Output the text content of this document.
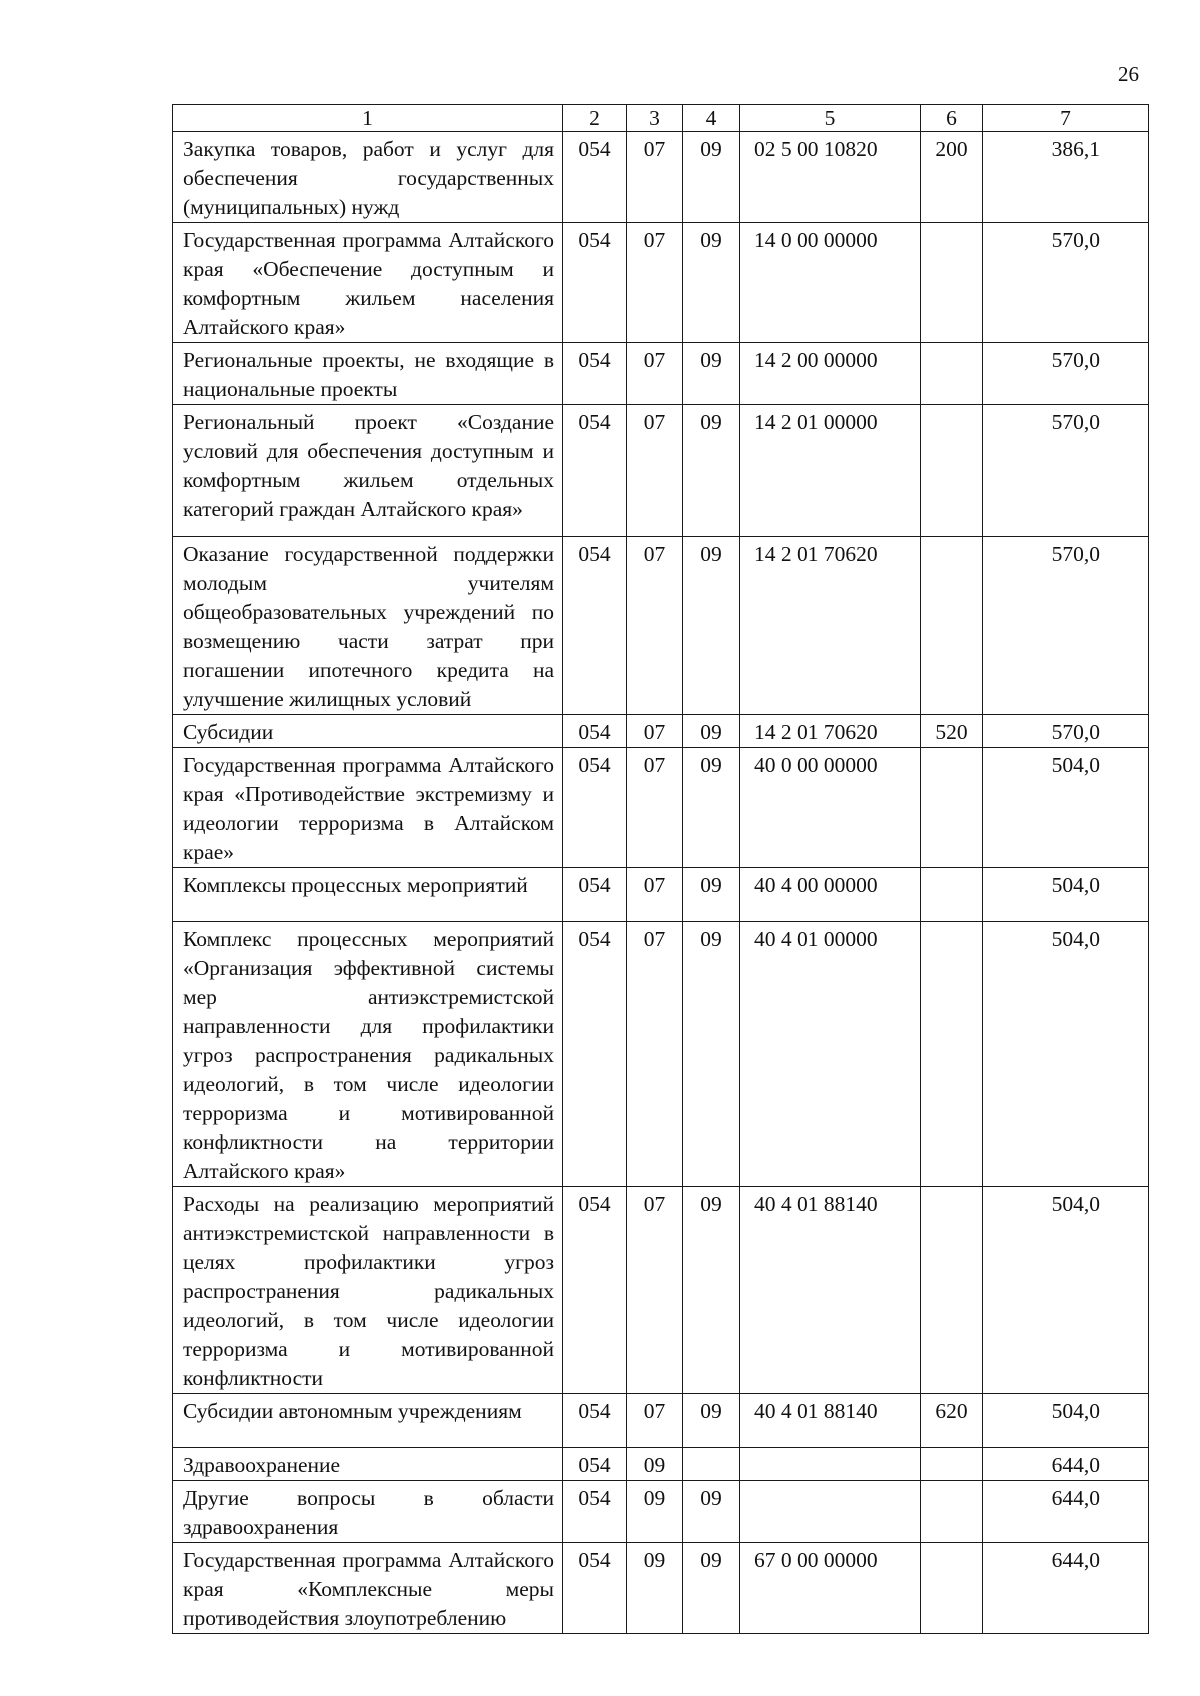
26
1	2	3	4	5	6	7
Закупка товаров, работ и услуг для обеспечения государственных (муниципальных) нужд	054	07	09	02 5 00 10820	200	386,1
Государственная программа Алтайского края «Обеспечение доступным и комфортным жильем населения Алтайского края»	054	07	09	14 0 00 00000		570,0
Региональные проекты, не входящие в национальные проекты	054	07	09	14 2 00 00000		570,0
Региональный проект «Создание условий для обеспечения доступным и комфортным жильем отдельных категорий граждан Алтайского края»	054	07	09	14 2 01 00000		570,0
Оказание государственной поддержки молодым учителям общеобразовательных учреждений по возмещению части затрат при погашении ипотечного кредита на улучшение жилищных условий	054	07	09	14 2 01 70620		570,0
Субсидии	054	07	09	14 2 01 70620	520	570,0
Государственная программа Алтайского края «Противодействие экстремизму и идеологии терроризма в Алтайском крае»	054	07	09	40 0 00 00000		504,0
Комплексы процессных мероприятий	054	07	09	40 4 00 00000		504,0
Комплекс процессных мероприятий «Организация эффективной системы мер антиэкстремистской направленности для профилактики угроз распространения радикальных идеологий, в том числе идеологии терроризма и мотивированной конфликтности на территории Алтайского края»	054	07	09	40 4 01 00000		504,0
Расходы на реализацию мероприятий антиэкстремистской направленности в целях профилактики угроз распространения радикальных идеологий, в том числе идеологии терроризма и мотивированной конфликтности	054	07	09	40 4 01 88140		504,0
Субсидии автономным учреждениям	054	07	09	40 4 01 88140	620	504,0
Здравоохранение	054	09				644,0
Другие вопросы в области здравоохранения	054	09	09			644,0
Государственная программа Алтайского края «Комплексные меры противодействия злоупотреблению	054	09	09	67 0 00 00000		644,0
